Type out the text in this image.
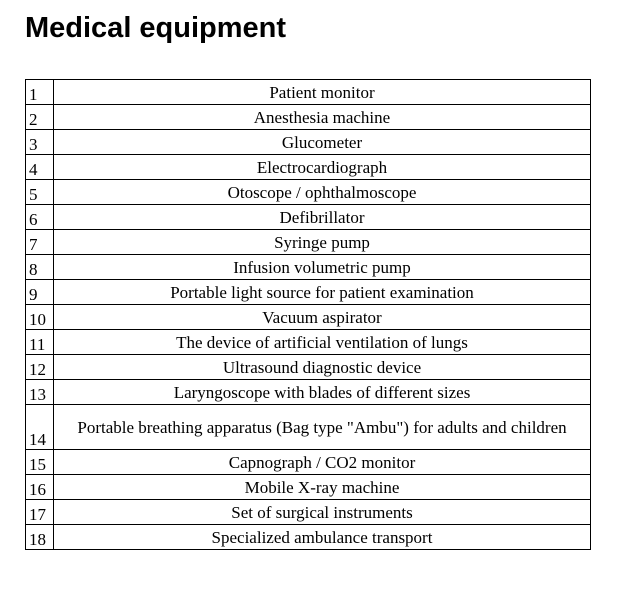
Medical equipment
1	Patient monitor
2	Anesthesia machine
3	Glucometer
4	Electrocardiograph
5	Otoscope / ophthalmoscope
6	Defibrillator
7	Syringe pump
8	Infusion volumetric pump
9	Portable light source for patient examination
10	Vacuum aspirator
11	The device of artificial ventilation of lungs
12	Ultrasound diagnostic device
13	Laryngoscope with blades of different sizes
14	Portable breathing apparatus (Bag type "Ambu") for adults and children
15	Capnograph / CO2 monitor
16	Mobile X-ray machine
17	Set of surgical instruments
18	Specialized ambulance transport
